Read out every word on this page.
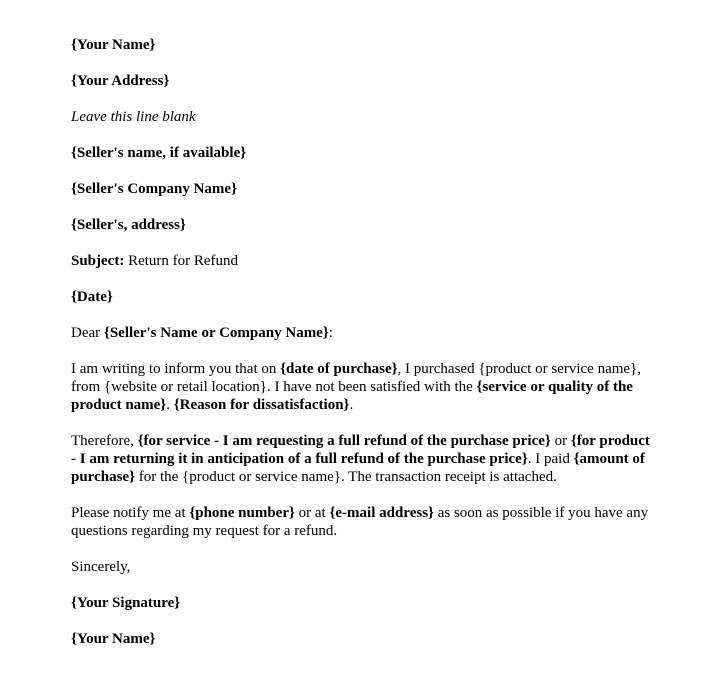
{Your Name}
{Your Address}
Leave this line blank
{Seller's name, if available}
{Seller's Company Name}
{Seller's, address}
Subject: Return for Refund
{Date}
Dear {Seller's Name or Company Name}:
I am writing to inform you that on {date of purchase}, I purchased {product or service name}, from {website or retail location}. I have not been satisfied with the {service or quality of the product name}. {Reason for dissatisfaction}.
Therefore, {for service - I am requesting a full refund of the purchase price} or {for product - I am returning it in anticipation of a full refund of the purchase price}. I paid {amount of purchase} for the {product or service name}. The transaction receipt is attached.
Please notify me at {phone number} or at {e-mail address} as soon as possible if you have any questions regarding my request for a refund.
Sincerely,
{Your Signature}
{Your Name}
